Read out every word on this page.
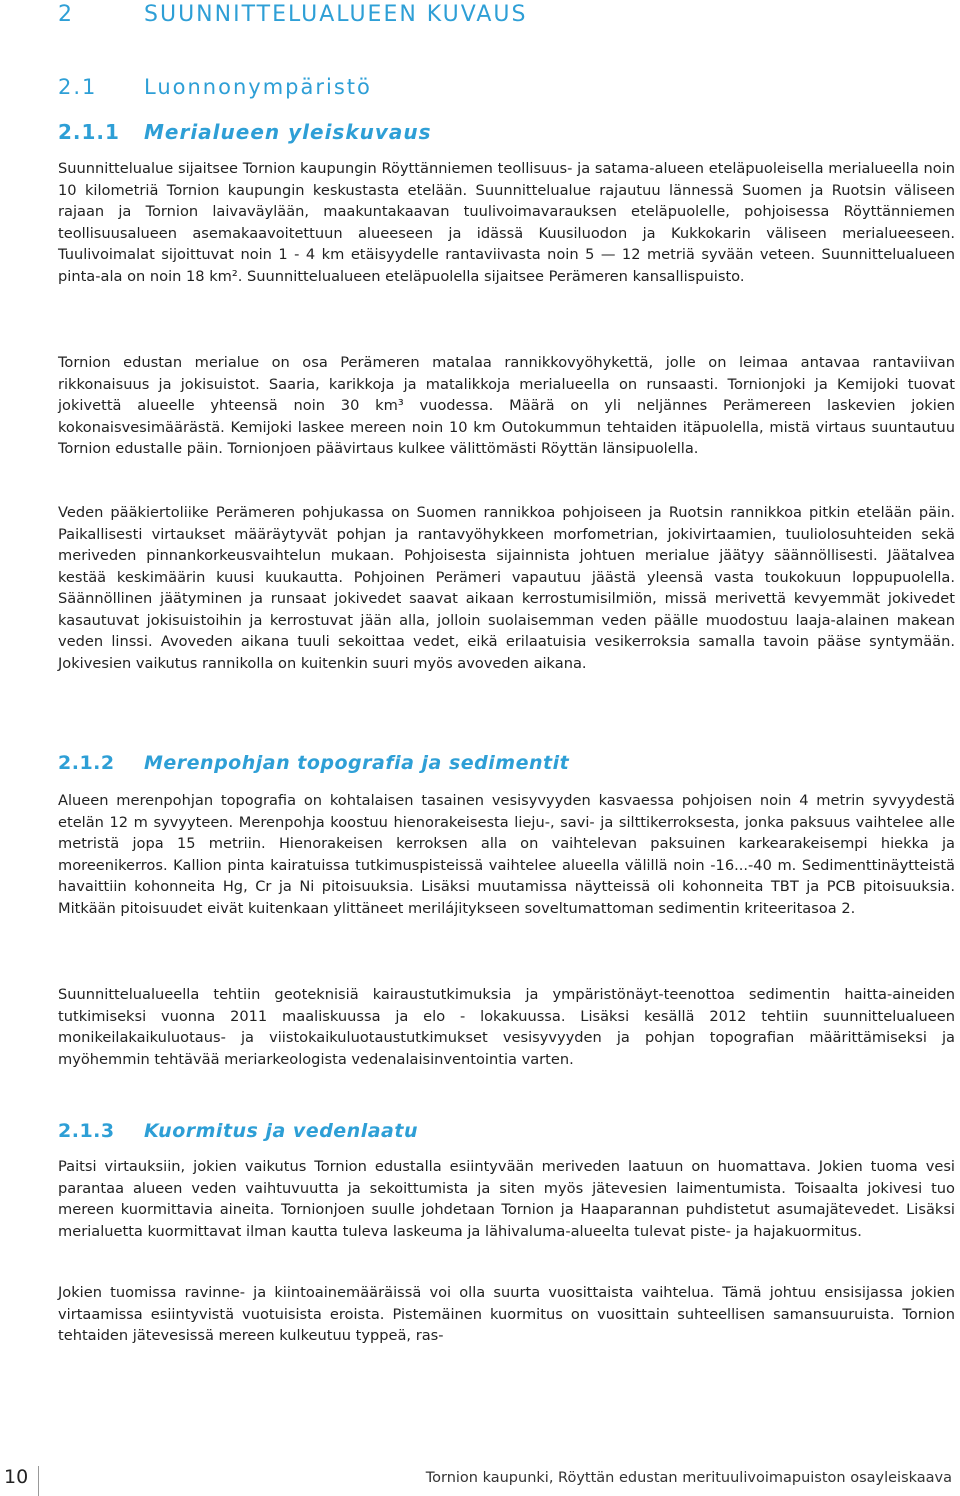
2	SUUNNITTELUALUEEN KUVAUS
2.1 Luonnonympäristö
2.1.1 Merialueen yleiskuvaus

Suunnittelualue sijaitsee Tornion kaupungin Röyttänniemen teollisuus- ja satama-alueen eteläpuoleisella merialueella noin 10 kilometriä Tornion kaupungin keskustasta etelään. Suunnittelualue rajautuu lännessä Suomen ja Ruotsin väliseen rajaan ja Tornion laivaväylään, maakuntakaavan tuulivoimavarauksen eteläpuolelle, pohjoisessa Röyttänniemen teollisuusalueen asemakaavoitettuun alueeseen ja idässä Kuusiluodon ja Kukkokarin väliseen merialueeseen. Tuulivoimalat sijoittuvat noin 1 - 4 km etäisyydelle rantaviivasta noin 5 — 12 metriä syvään veteen. Suunnittelualueen pinta-ala on noin 18 km². Suunnittelualueen eteläpuolella sijaitsee Perämeren kansallispuisto.

Tornion edustan merialue on osa Perämeren matalaa rannikkovyöhykettä, jolle on leimaa antavaa rantaviivan rikkonaisuus ja jokisuistot. Saaria, karikkoja ja matalikkoja merialueella on runsaasti. Tornionjoki ja Kemijoki tuovat jokivettä alueelle yhteensä noin 30 km³ vuodessa. Määrä on yli neljännes Perämereen laskevien jokien kokonaisvesimäärästä. Kemijoki laskee mereen noin 10 km Outokummun tehtaiden itäpuolella, mistä virtaus suuntautuu Tornion edustalle päin. Tornionjoen päävirtaus kulkee välittömästi Röyttän länsipuolella.

Veden pääkiertoliike Perämeren pohjukassa on Suomen rannikkoa pohjoiseen ja Ruotsin rannikkoa pitkin etelään päin. Paikallisesti virtaukset määräytyvät pohjan ja rantavyöhykkeen morfometrian, jokivirtaamien, tuuliolosuhteiden sekä meriveden pinnankorkeusvaihtelun mukaan. Pohjoisesta sijainnista johtuen merialue jäätyy säännöllisesti. Jäätalvea kestää keskimäärin kuusi kuukautta. Pohjoinen Perämeri vapautuu jäästä yleensä vasta toukokuun loppupuolella. Säännöllinen jäätyminen ja runsaat jokivedet saavat aikaan kerrostumisilmiön, missä merivettä kevyemmät jokivedet kasautuvat jokisuistoihin ja kerrostuvat jään alla, jolloin suolaisemman veden päälle muodostuu laaja-alainen makean veden linssi. Avoveden aikana tuuli sekoittaa vedet, eikä erilaatuisia vesikerroksia samalla tavoin pääse syntymään. Jokivesien vaikutus rannikolla on kuitenkin suuri myös avoveden aikana.

2.1.2 Merenpohjan topografia ja sedimentit

Alueen merenpohjan topografia on kohtalaisen tasainen vesisyvyyden kasvaessa pohjoisen noin 4 metrin syvyydestä etelän 12 m syvyyteen. Merenpohja koostuu hienorakeisesta lieju-, savi- ja silttikerroksesta, jonka paksuus vaihtelee alle metristä jopa 15 metriin. Hienorakeisen kerroksen alla on vaihtelevan paksuinen karkearakeisempi hiekka ja moreenikerros. Kallion pinta kairatuissa tutkimuspisteissä vaihtelee alueella välillä noin -16...-40 m. Sedimenttinäytteistä havaittiin kohonneita Hg, Cr ja Ni pitoisuuksia. Lisäksi muutamissa näytteissä oli kohonneita TBT ja PCB pitoisuuksia. Mitkään pitoisuudet eivät kuitenkaan ylittäneet merilájitykseen soveltumattoman sedimentin kriteeritasoa 2.

Suunnittelualueella tehtiin geoteknisiä kairaustutkimuksia ja ympäristönäyt-teenottoa sedimentin haitta-aineiden tutkimiseksi vuonna 2011 maaliskuussa ja elo - lokakuussa. Lisäksi kesällä 2012 tehtiin suunnittelualueen monikeilakaikuluotaus- ja viistokaikuluotaustutkimukset vesisyvyyden ja pohjan topografian määrittämiseksi ja myöhemmin tehtävää meriarkeologista vedenalaisinventointia varten.

2.1.3 Kuormitus ja vedenlaatu

Paitsi virtauksiin, jokien vaikutus Tornion edustalla esiintyvään meriveden laatuun on huomattava. Jokien tuoma vesi parantaa alueen veden vaihtuvuutta ja sekoittumista ja siten myös jätevesien laimentumista. Toisaalta jokivesi tuo mereen kuormittavia aineita. Tornionjoen suulle johdetaan Tornion ja Haaparannan puhdistetut asumajätevedet. Lisäksi merialuetta kuormittavat ilman kautta tuleva laskeuma ja lähivaluma-alueelta tulevat piste- ja hajakuormitus.

Jokien tuomissa ravinne- ja kiintoainemääräissä voi olla suurta vuosittaista vaihtelua. Tämä johtuu ensisijassa jokien virtaamissa esiintyvistä vuotuisista eroista. Pistemäinen kuormitus on vuosittain suhteellisen samansuuruista. Tornion tehtaiden jätevesissä mereen kulkeutuu typpeä, ras-

10	Tornion kaupunki, Röyttän edustan merituulivoimapuiston osayleiskaava
